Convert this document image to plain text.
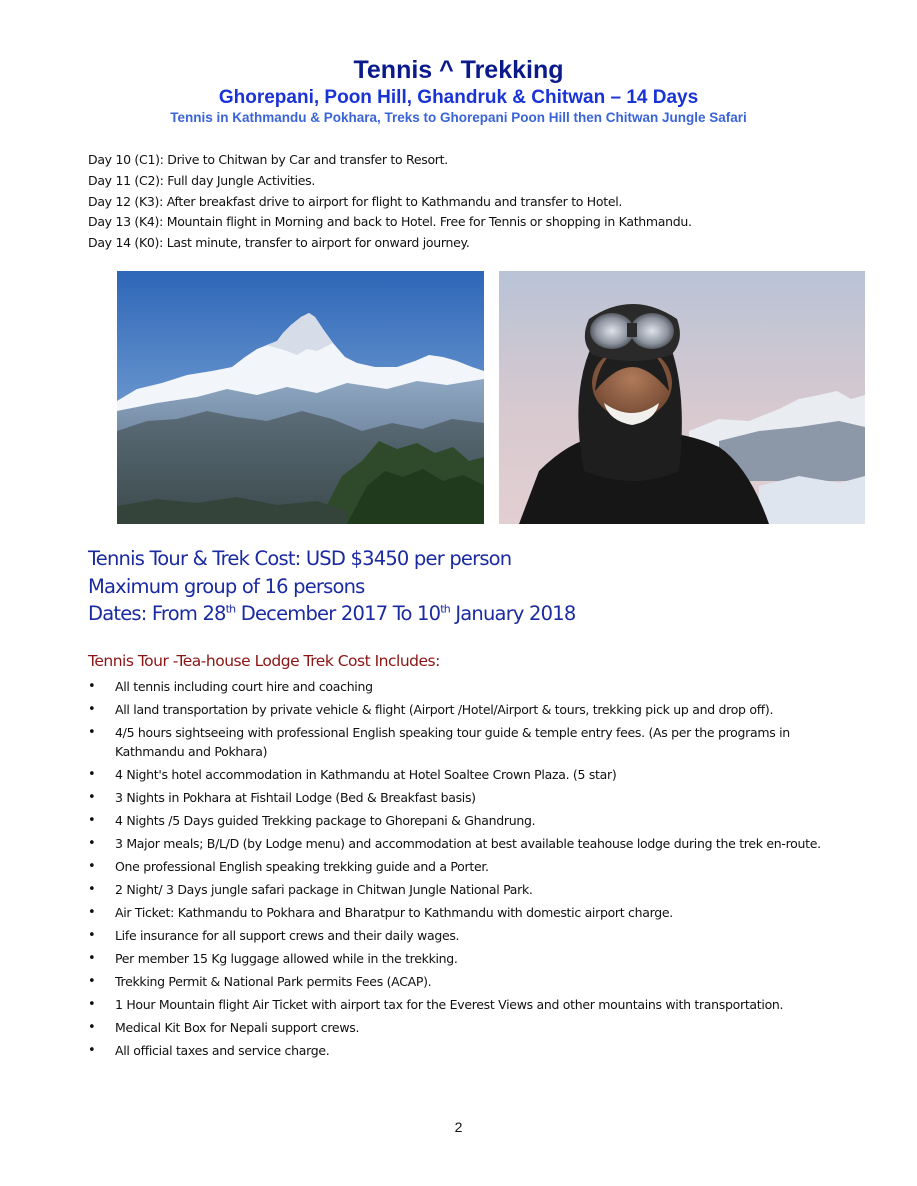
Tennis ^ Trekking
Ghorepani, Poon Hill, Ghandruk & Chitwan – 14 Days
Tennis in Kathmandu & Pokhara, Treks to Ghorepani Poon Hill then Chitwan Jungle Safari
Day 10 (C1): Drive to Chitwan by Car and transfer to Resort.
Day 11 (C2): Full day Jungle Activities.
Day 12 (K3): After breakfast drive to airport for flight to Kathmandu and transfer to Hotel.
Day 13 (K4): Mountain flight in Morning and back to Hotel. Free for Tennis or shopping in Kathmandu.
Day 14 (K0): Last minute, transfer to airport for onward journey.
Tennis Tour & Trek Cost: USD $3450 per person
Maximum group of 16 persons
Dates: From 28th December 2017 To 10th January 2018
Tennis Tour -Tea-house Lodge Trek Cost Includes:
• All tennis including court hire and coaching
• All land transportation by private vehicle & flight (Airport /Hotel/Airport & tours, trekking pick up and drop off).
• 4/5 hours sightseeing with professional English speaking tour guide & temple entry fees. (As per the programs in Kathmandu and Pokhara)
• 4 Night's hotel accommodation in Kathmandu at Hotel Soaltee Crown Plaza. (5 star)
• 3 Nights in Pokhara at Fishtail Lodge (Bed & Breakfast basis)
• 4 Nights /5 Days guided Trekking package to Ghorepani & Ghandrung.
• 3 Major meals; B/L/D (by Lodge menu) and accommodation at best available teahouse lodge during the trek en-route.
• One professional English speaking trekking guide and a Porter.
• 2 Night/ 3 Days jungle safari package in Chitwan Jungle National Park.
• Air Ticket: Kathmandu to Pokhara and Bharatpur to Kathmandu with domestic airport charge.
• Life insurance for all support crews and their daily wages.
• Per member 15 Kg luggage allowed while in the trekking.
• Trekking Permit & National Park permits Fees (ACAP).
• 1 Hour Mountain flight Air Ticket with airport tax for the Everest Views and other mountains with transportation.
• Medical Kit Box for Nepali support crews.
• All official taxes and service charge.
2
